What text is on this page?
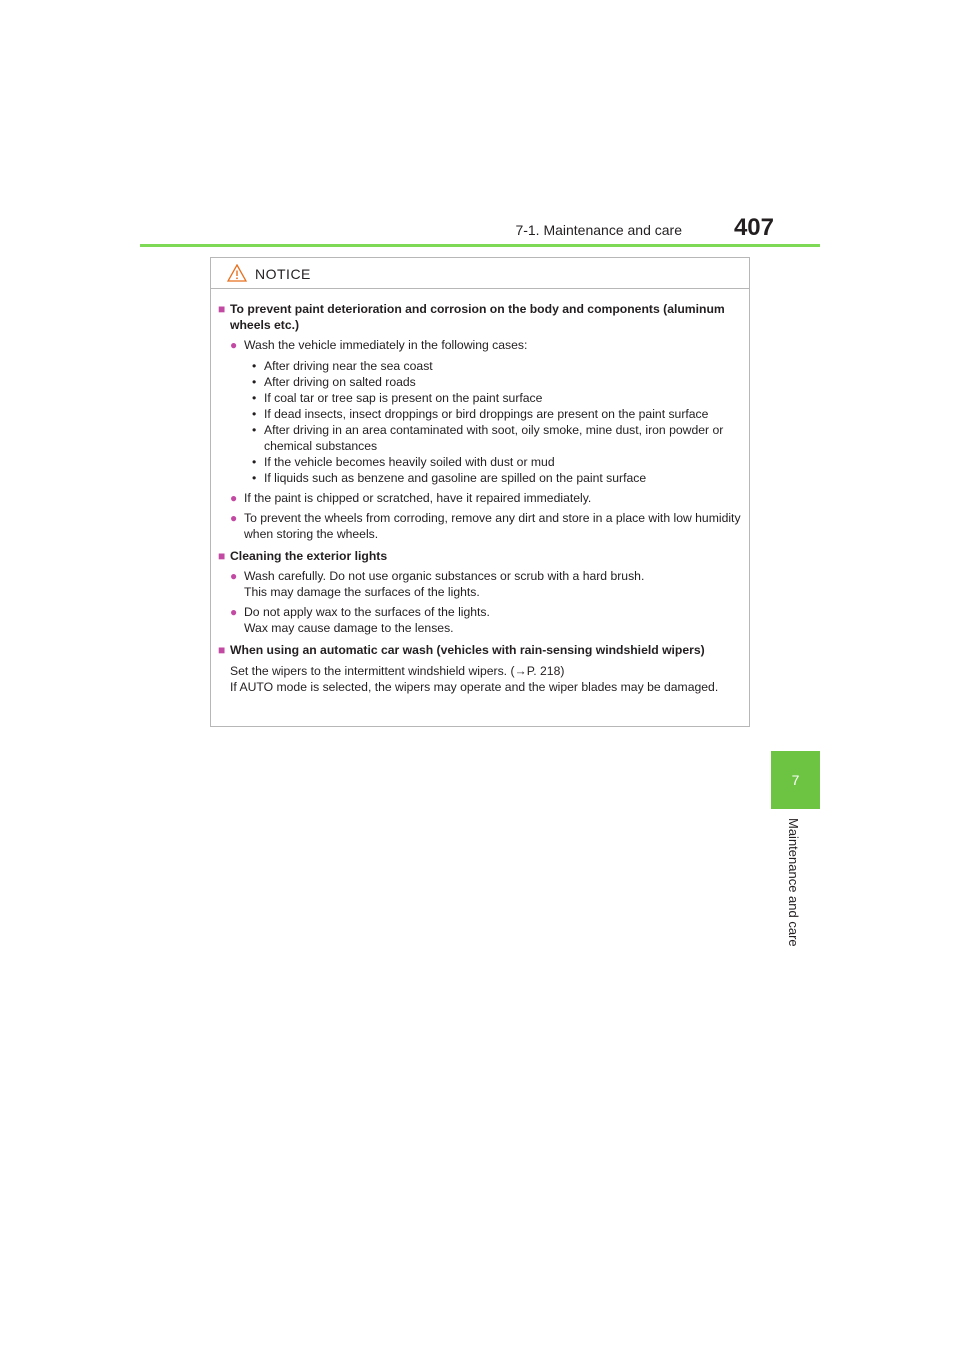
7-1. Maintenance and care	407
7
Maintenance and care
NOTICE
■ To prevent paint deterioration and corrosion on the body and components (aluminum wheels etc.)
● Wash the vehicle immediately in the following cases:
• After driving near the sea coast
• After driving on salted roads
• If coal tar or tree sap is present on the paint surface
• If dead insects, insect droppings or bird droppings are present on the paint surface
• After driving in an area contaminated with soot, oily smoke, mine dust, iron powder or chemical substances
• If the vehicle becomes heavily soiled with dust or mud
• If liquids such as benzene and gasoline are spilled on the paint surface
● If the paint is chipped or scratched, have it repaired immediately.
● To prevent the wheels from corroding, remove any dirt and store in a place with low humidity when storing the wheels.
■ Cleaning the exterior lights
● Wash carefully. Do not use organic substances or scrub with a hard brush.
This may damage the surfaces of the lights.
● Do not apply wax to the surfaces of the lights.
Wax may cause damage to the lenses.
■ When using an automatic car wash (vehicles with rain-sensing windshield wipers)
Set the wipers to the intermittent windshield wipers. (→P. 218)
If AUTO mode is selected, the wipers may operate and the wiper blades may be damaged.
